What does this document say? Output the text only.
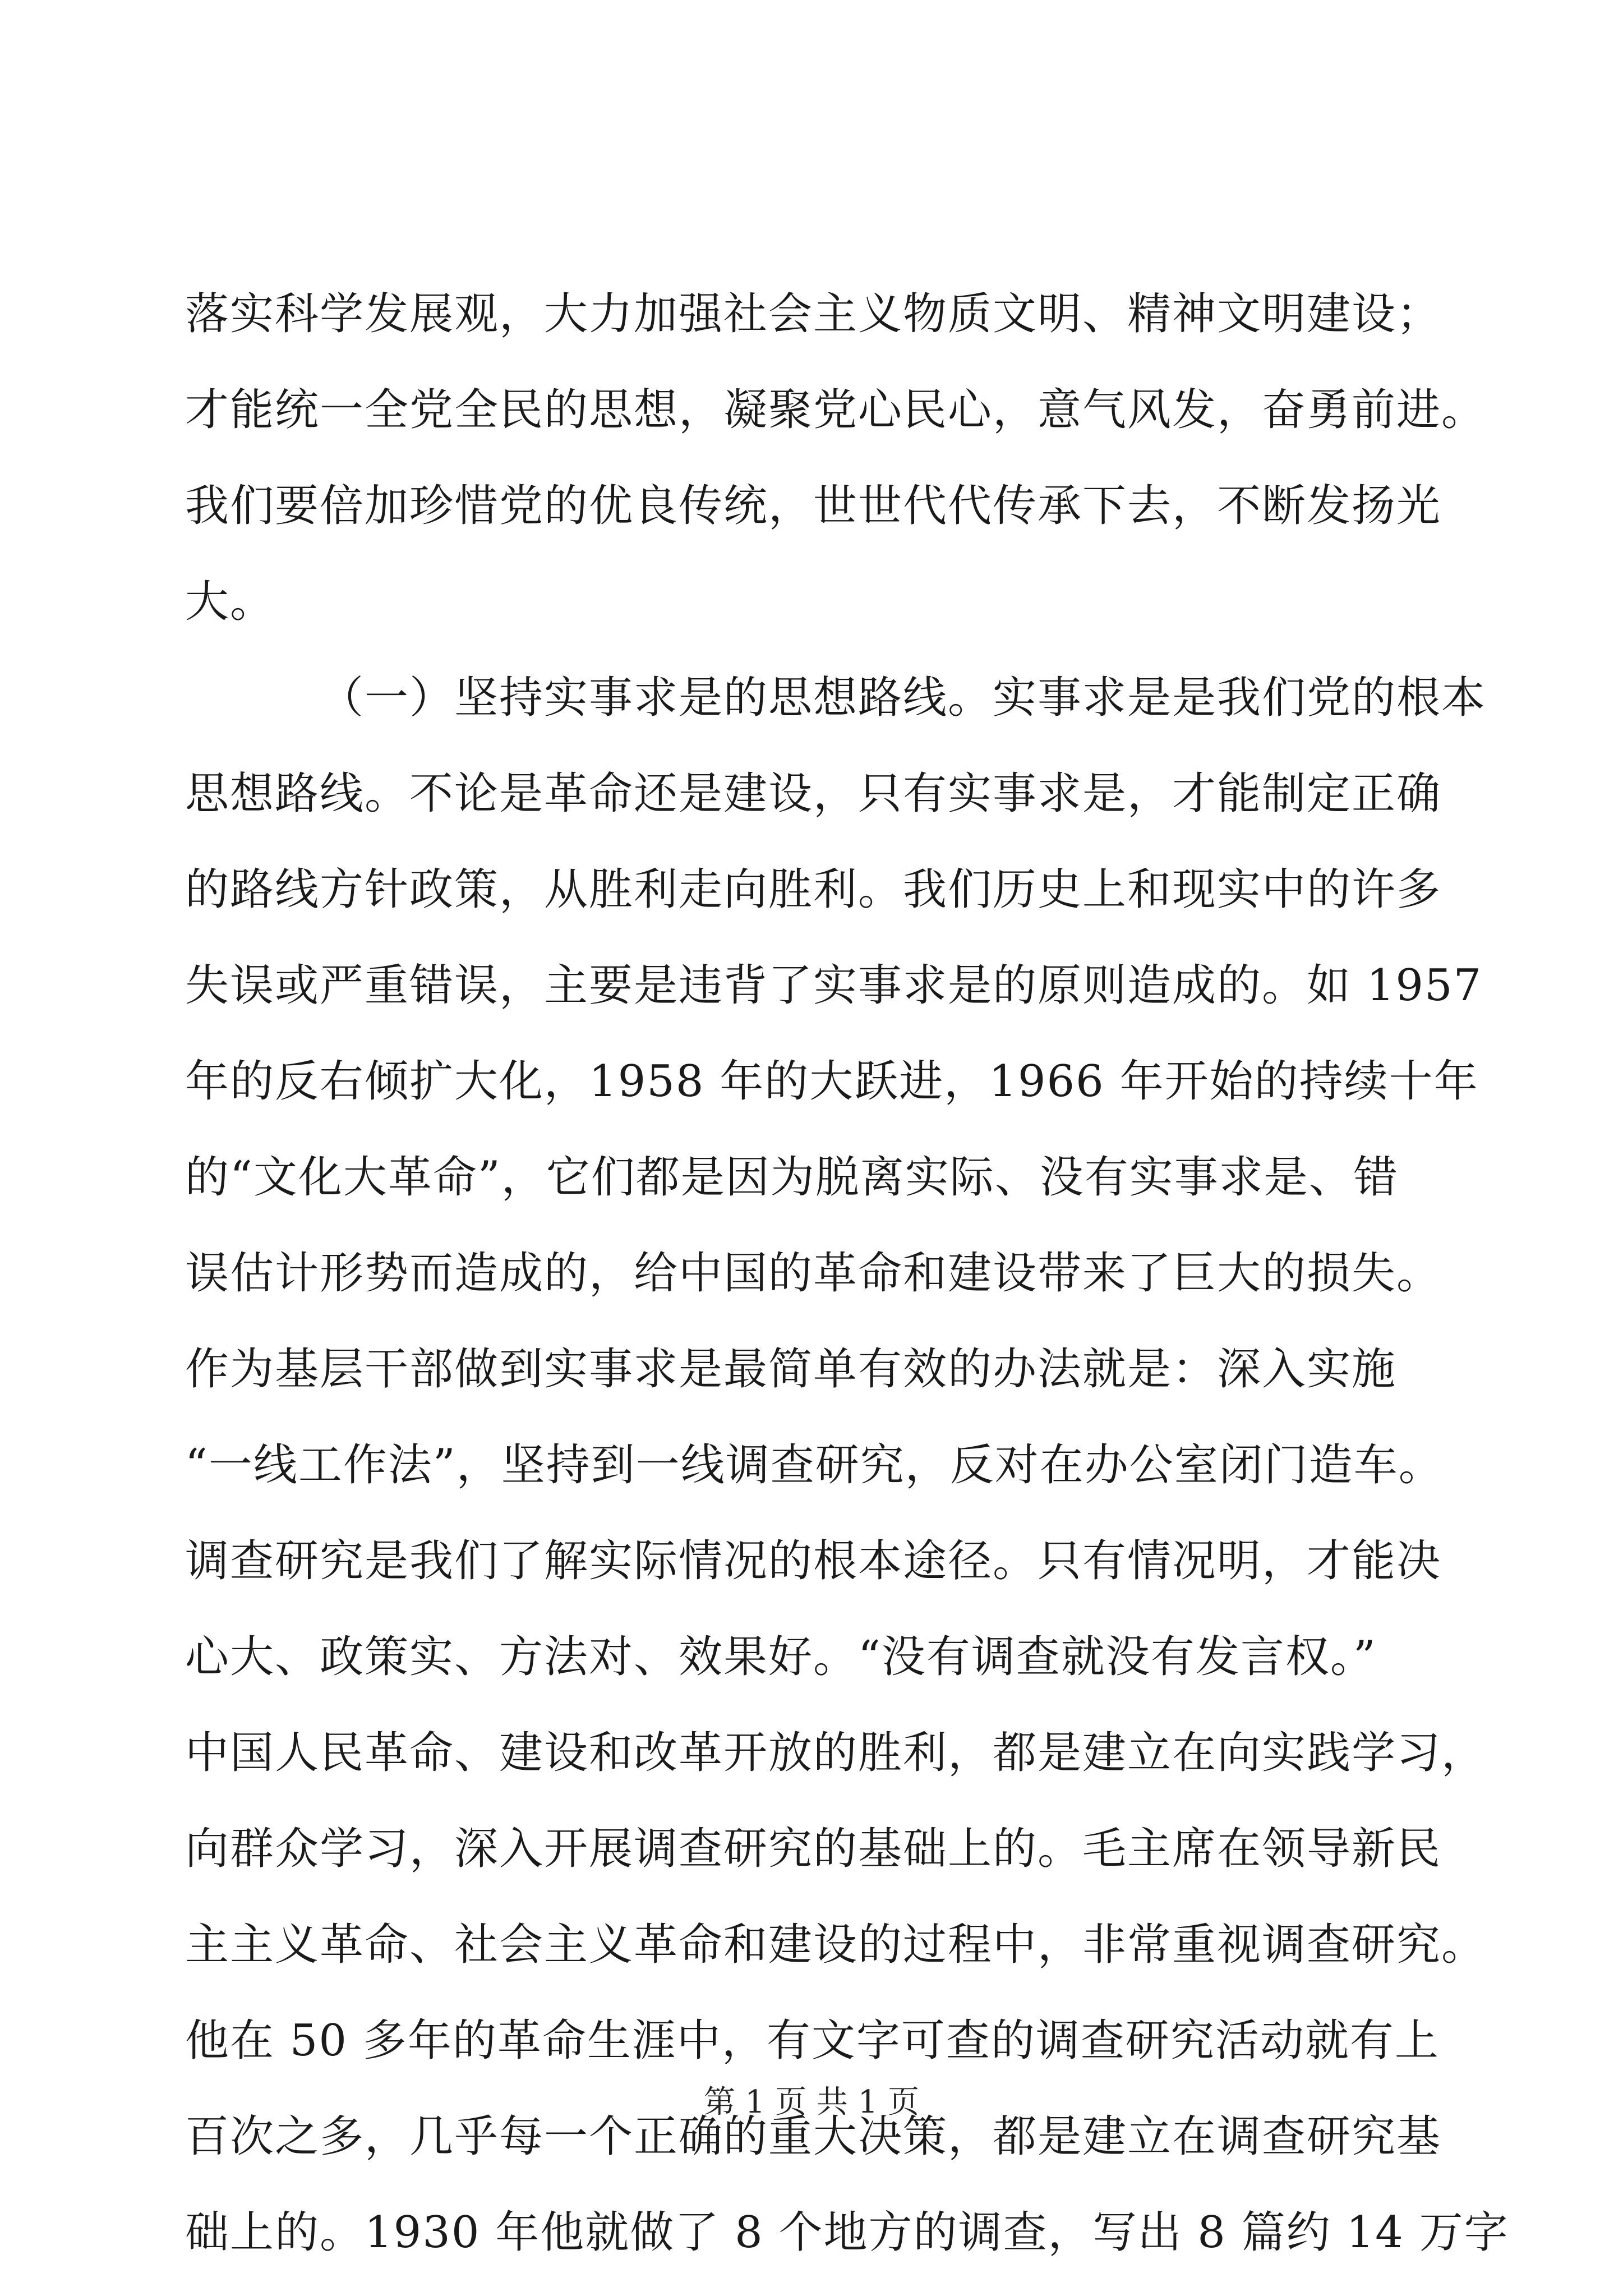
落实科学发展观，大力加强社会主义物质文明、精神文明建设；
才能统一全党全民的思想，凝聚党心民心，意气风发，奋勇前进。
我们要倍加珍惜党的优良传统，世世代代传承下去，不断发扬光
大。
（一）坚持实事求是的思想路线。实事求是是我们党的根本
思想路线。不论是革命还是建设，只有实事求是，才能制定正确
的路线方针政策，从胜利走向胜利。我们历史上和现实中的许多
失误或严重错误，主要是违背了实事求是的原则造成的。如 1957
年的反右倾扩大化，1958 年的大跃进，1966 年开始的持续十年
的“文化大革命”，它们都是因为脱离实际、没有实事求是、错
误估计形势而造成的，给中国的革命和建设带来了巨大的损失。
作为基层干部做到实事求是最简单有效的办法就是：深入实施
“一线工作法”，坚持到一线调查研究，反对在办公室闭门造车。
调查研究是我们了解实际情况的根本途径。只有情况明，才能决
心大、政策实、方法对、效果好。“没有调查就没有发言权。”
中国人民革命、建设和改革开放的胜利，都是建立在向实践学习，
向群众学习，深入开展调查研究的基础上的。毛主席在领导新民
主主义革命、社会主义革命和建设的过程中，非常重视调查研究。
他在 50 多年的革命生涯中，有文字可查的调查研究活动就有上
百次之多，几乎每一个正确的重大决策，都是建立在调查研究基
础上的。1930 年他就做了 8 个地方的调查，写出 8 篇约 14 万字
第 1 页 共 1 页
